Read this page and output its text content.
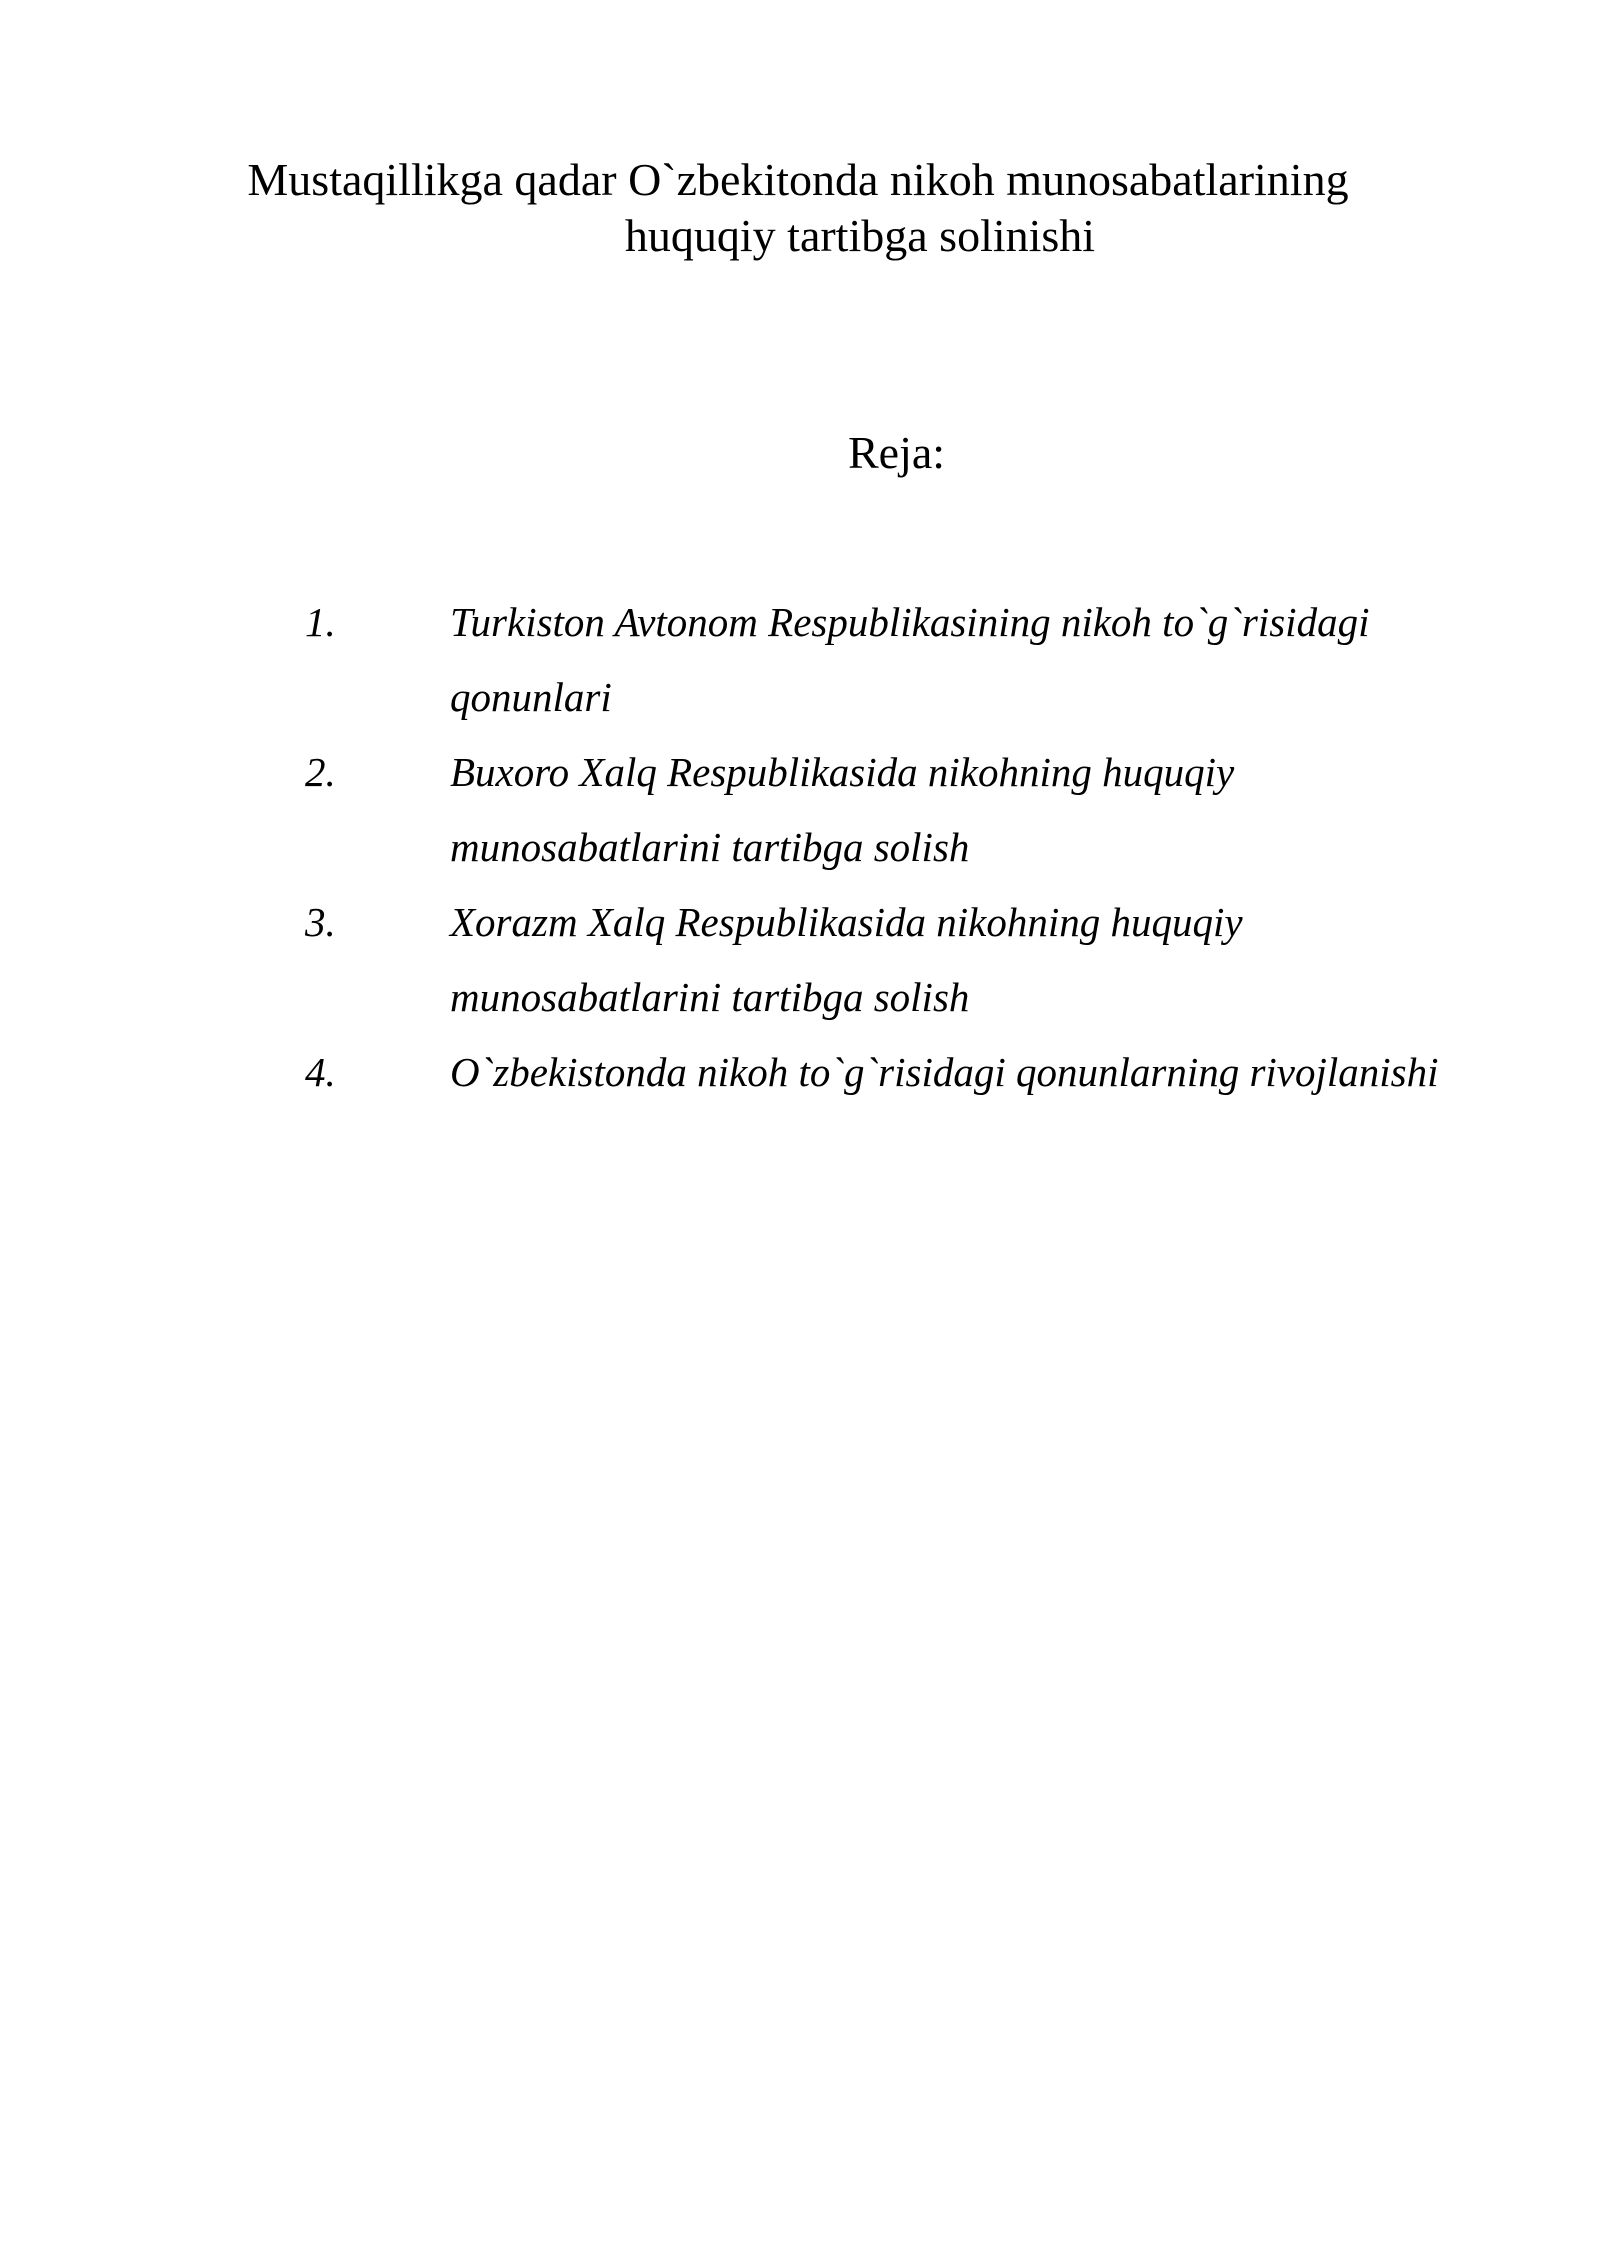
Mustaqillikga qadar O`zbekitonda nikoh munosabatlarining
huquqiy tartibga solinishi
Reja:
1.	Turkiston Avtonom Respublikasining nikoh to`g`risidagi
qonunlari
2.	Buxoro Xalq Respublikasida nikohning huquqiy
munosabatlarini tartibga solish
3.	Xorazm Xalq Respublikasida nikohning huquqiy
munosabatlarini tartibga solish
4.	O`zbekistonda nikoh to`g`risidagi qonunlarning rivojlanishi
